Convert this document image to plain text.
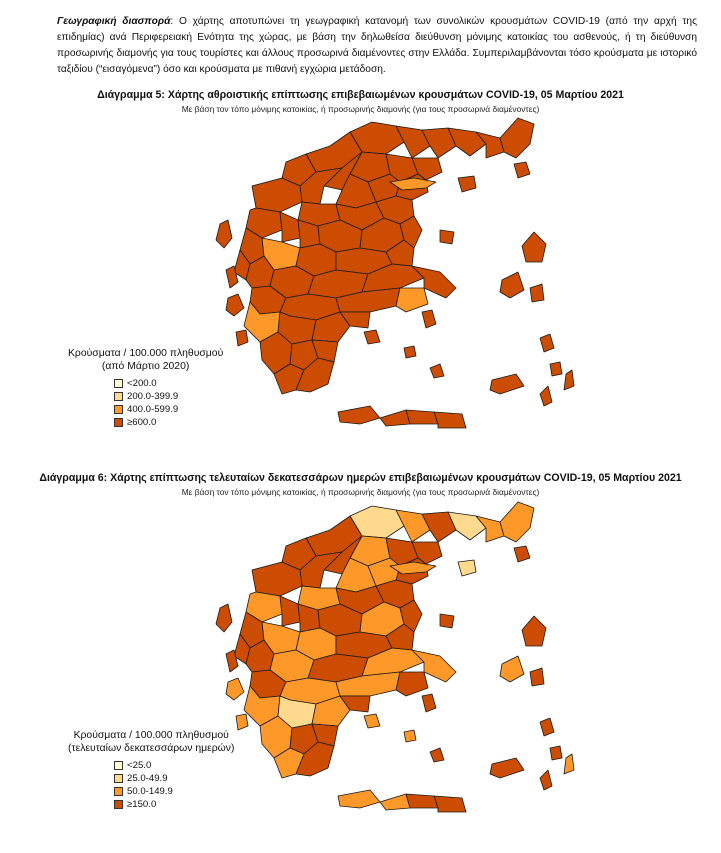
Γεωγραφική διασπορά: Ο χάρτης αποτυπώνει τη γεωγραφική κατανομή των συνολικών κρουσμάτων COVID-19 (από την αρχή της επιδημίας) ανά Περιφερειακή Ενότητα της χώρας, με βάση την δηλωθείσα διεύθυνση μόνιμης κατοικίας του ασθενούς, ή τη διεύθυνση προσωρινής διαμονής για τους τουρίστες και άλλους προσωρινά διαμένοντες στην Ελλάδα. Συμπεριλαμβάνονται τόσο κρούσματα με ιστορικό ταξιδίου (“εισαγόμενα”) όσο και κρούσματα με πιθανή εγχώρια μετάδοση.
Διάγραμμα 5: Χάρτης αθροιστικής επίπτωσης επιβεβαιωμένων κρουσμάτων COVID-19, 05 Μαρτίου 2021
Με βάση τον τόπο μόνιμης κατοικίας, ή προσωρινής διαμονής (για τους προσωρινά διαμένοντες)
Κρούσματα / 100.000 πληθυσμού
(από Μάρτιο 2020)
<200.0
200.0-399.9
400.0-599.9
≥600.0
Διάγραμμα 6: Χάρτης επίπτωσης τελευταίων δεκατεσσάρων ημερών επιβεβαιωμένων κρουσμάτων COVID-19, 05 Μαρτίου 2021
Με βάση τον τόπο μόνιμης κατοικίας, ή προσωρινής διαμονής (για τους προσωρινά διαμένοντες)
Κρούσματα / 100.000 πληθυσμού
(τελευταίων δεκατεσσάρων ημερών)
<25.0
25.0-49.9
50.0-149.9
≥150.0
